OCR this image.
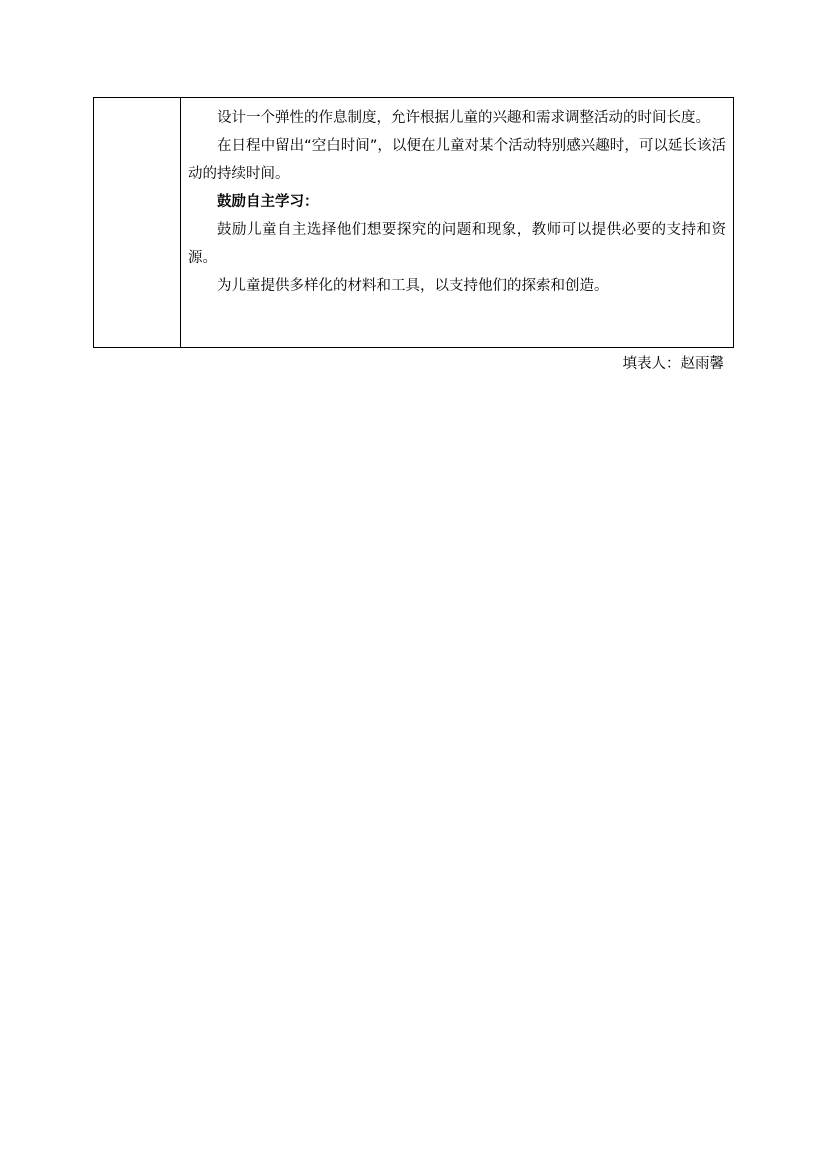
设计一个弹性的作息制度，允许根据儿童的兴趣和需求调整活动的时间长度。

在日程中留出“空白时间”，以便在儿童对某个活动特别感兴趣时，可以延长该活动的持续时间。

鼓励自主学习：

鼓励儿童自主选择他们想要探究的问题和现象，教师可以提供必要的支持和资源。

为儿童提供多样化的材料和工具，以支持他们的探索和创造。

填表人：赵雨馨
